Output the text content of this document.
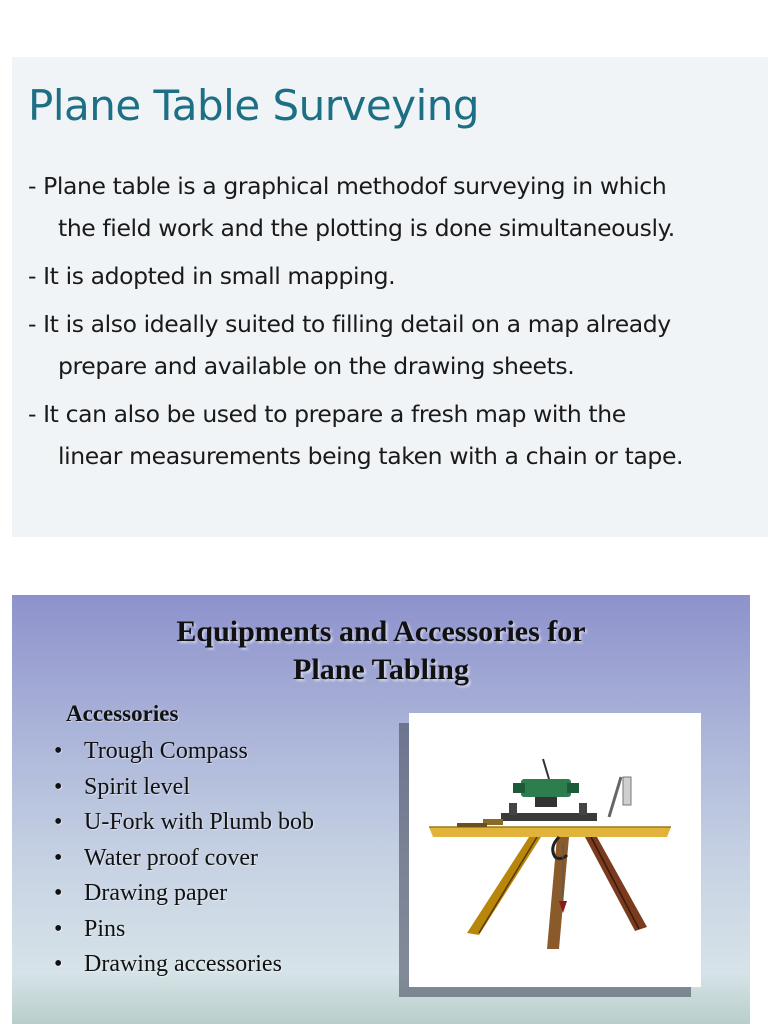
Plane Table Surveying
- Plane table is a graphical methodof surveying in which
the field work and the plotting is done simultaneously.
- It is adopted in small mapping.
- It is also ideally suited to filling detail on a map already
prepare and available on the drawing sheets.
- It can also be used to prepare a fresh map with the
linear measurements being taken with a chain or tape.
Equipments and Accessories for
Plane Tabling
Accessories
• Trough Compass
• Spirit level
• U-Fork with Plumb bob
• Water proof cover
• Drawing paper
• Pins
• Drawing accessories
